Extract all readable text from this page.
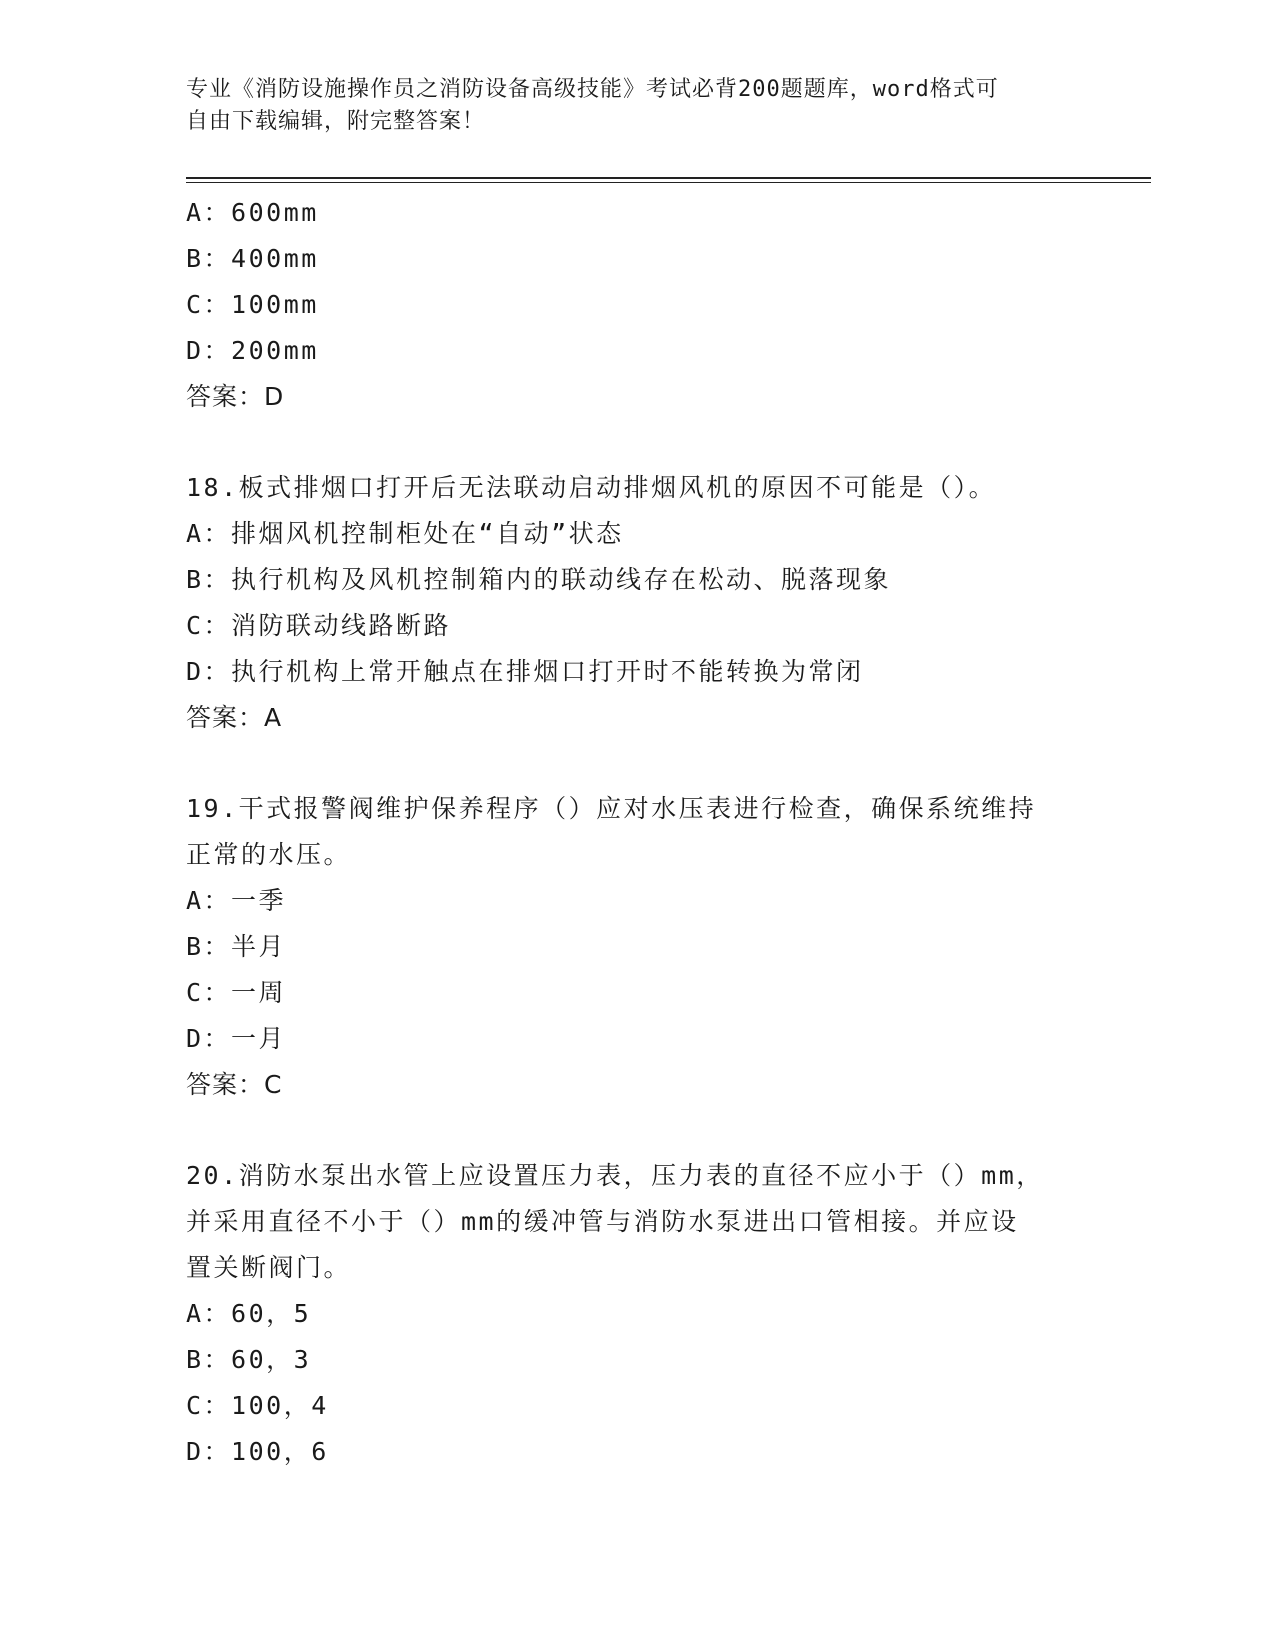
专业《消防设施操作员之消防设备高级技能》考试必背200题题库，word格式可
自由下载编辑，附完整答案！
A：600mm
B：400mm
C：100mm
D：200mm
答案：D
18.板式排烟口打开后无法联动启动排烟风机的原因不可能是（）。
A：排烟风机控制柜处在“自动”状态
B：执行机构及风机控制箱内的联动线存在松动、脱落现象
C：消防联动线路断路
D：执行机构上常开触点在排烟口打开时不能转换为常闭
答案：A
19.干式报警阀维护保养程序（）应对水压表进行检查，确保系统维持
正常的水压。
A：一季
B：半月
C：一周
D：一月
答案：C
20.消防水泵出水管上应设置压力表，压力表的直径不应小于（）mm，
并采用直径不小于（）mm的缓冲管与消防水泵进出口管相接。并应设
置关断阀门。
A：60，5
B：60，3
C：100，4
D：100，6
